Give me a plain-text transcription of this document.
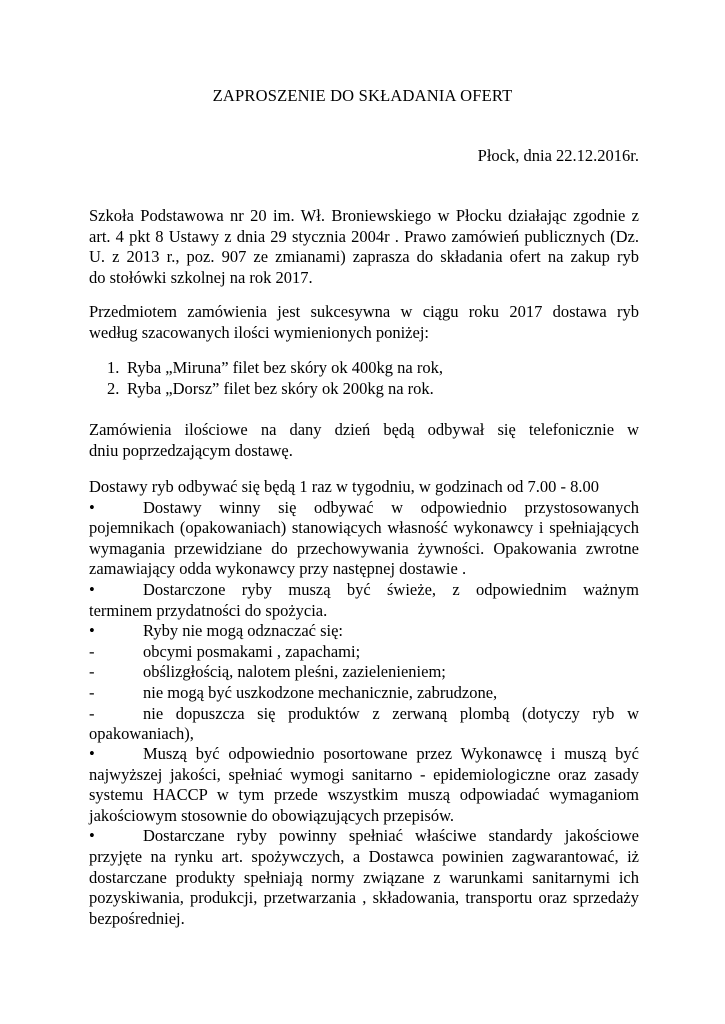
ZAPROSZENIE DO SKŁADANIA OFERT
Płock, dnia 22.12.2016r.
Szkoła Podstawowa nr 20 im. Wł. Broniewskiego w Płocku działając zgodnie z
art. 4 pkt 8 Ustawy z dnia 29 stycznia 2004r . Prawo zamówień publicznych (Dz.
U. z 2013 r., poz. 907 ze zmianami) zaprasza do składania ofert na zakup ryb
do stołówki szkolnej na rok 2017.
Przedmiotem zamówienia jest sukcesywna w ciągu roku 2017 dostawa ryb
według szacowanych ilości wymienionych poniżej:
1. Ryba „Miruna” filet bez skóry ok 400kg na rok,
2. Ryba „Dorsz” filet bez skóry ok 200kg na rok.
Zamówienia ilościowe na dany dzień będą odbywał się telefonicznie w
dniu poprzedzającym dostawę.
Dostawy ryb odbywać się będą 1 raz w tygodniu, w godzinach od 7.00 - 8.00
•	Dostawy winny się odbywać w odpowiednio przystosowanych
pojemnikach (opakowaniach) stanowiących własność wykonawcy i spełniających
wymagania przewidziane do przechowywania żywności. Opakowania zwrotne
zamawiający odda wykonawcy przy następnej dostawie .
•	Dostarczone ryby muszą być świeże, z odpowiednim ważnym
terminem przydatności do spożycia.
•	Ryby nie mogą odznaczać się:
-	obcymi posmakami , zapachami;
-	obślizgłością, nalotem pleśni, zazielenieniem;
-	nie mogą być uszkodzone mechanicznie, zabrudzone,
-	nie dopuszcza się produktów z zerwaną plombą (dotyczy ryb w
opakowaniach),
•	Muszą być odpowiednio posortowane przez Wykonawcę i muszą być
najwyższej jakości, spełniać wymogi sanitarno - epidemiologiczne oraz zasady
systemu HACCP w tym przede wszystkim muszą odpowiadać wymaganiom
jakościowym stosownie do obowiązujących przepisów.
•	Dostarczane ryby powinny spełniać właściwe standardy jakościowe
przyjęte na rynku art. spożywczych, a Dostawca powinien zagwarantować, iż
dostarczane produkty spełniają normy związane z warunkami sanitarnymi ich
pozyskiwania, produkcji, przetwarzania , składowania, transportu oraz sprzedaży
bezpośredniej.
